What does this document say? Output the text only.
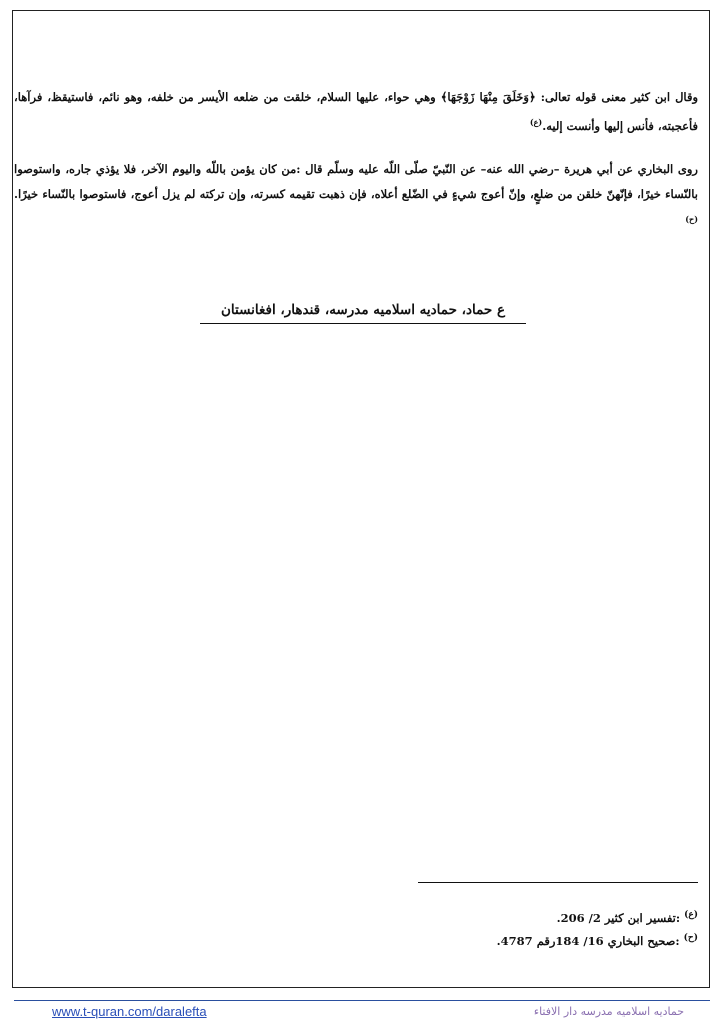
وقال ابن كثير معنى قوله تعالى: ﴿وَخَلَقَ مِنْهَا زَوْجَهَا﴾ وهي حواء، عليها السلام، خلقت من ضلعه الأيسر من خلفه، وهو نائم، فاستيقظ، فرآها، فأعجبته، فأنس إليها وأنست إليه.$^{(ع)}$

روى البخاري عن أبي هريرة –رضي الله عنه– عن النّبيّ صلّى اللّه عليه وسلّم قال :من كان يؤمن باللّه واليوم الآخر، فلا يؤذي جاره، واستوصوا بالنّساء خيرًا، فإنّهنّ خلقن من ضلعٍ، وإنّ أعوج شيءٍ في الضّلع أعلاه، فإن ذهبت تقيمه كسرته، وإن تركته لم يزل أعوج، فاستوصوا بالنّساء خيرًا.$^{(ح)}$

ع حماد، حمادیه اسلامیه مدرسه، قندهار، افغانستان
$^{(ع)}$ :تفسير ابن كثير 2/ 206.
$^{(ح)}$ :صحيح البخاري 16/ 184رقم 4787.
www.t-quran.com/daralefta	حمادیه اسلامیه مدرسه دار الافتاء
